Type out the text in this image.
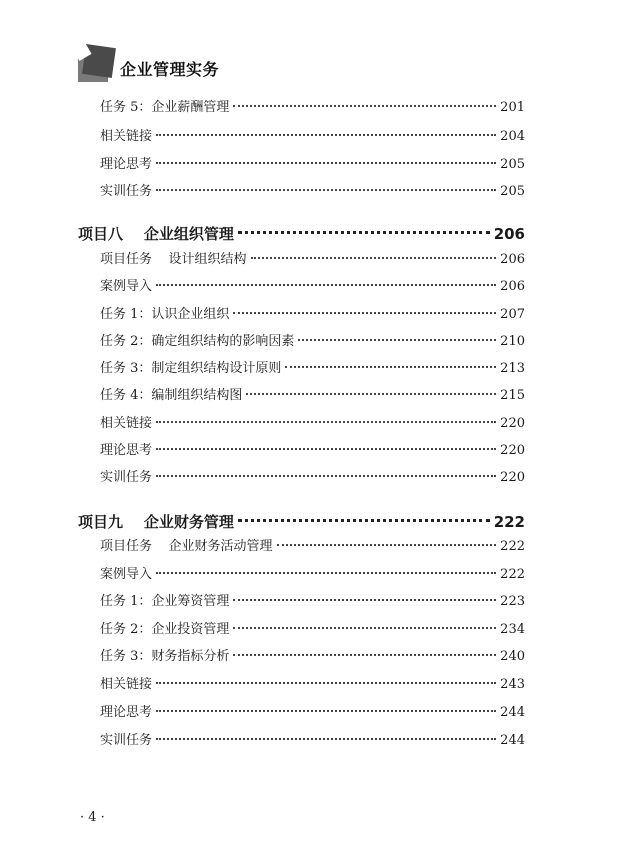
企业管理实务
任务 5：企业薪酬管理	201
相关链接	204
理论思考	205
实训任务	205
项目八    企业组织管理	206
项目任务    设计组织结构	206
案例导入	206
任务 1：认识企业组织	207
任务 2：确定组织结构的影响因素	210
任务 3：制定组织结构设计原则	213
任务 4：编制组织结构图	215
相关链接	220
理论思考	220
实训任务	220
项目九    企业财务管理	222
项目任务    企业财务活动管理	222
案例导入	222
任务 1：企业筹资管理	223
任务 2：企业投资管理	234
任务 3：财务指标分析	240
相关链接	243
理论思考	244
实训任务	244
· 4 ·
